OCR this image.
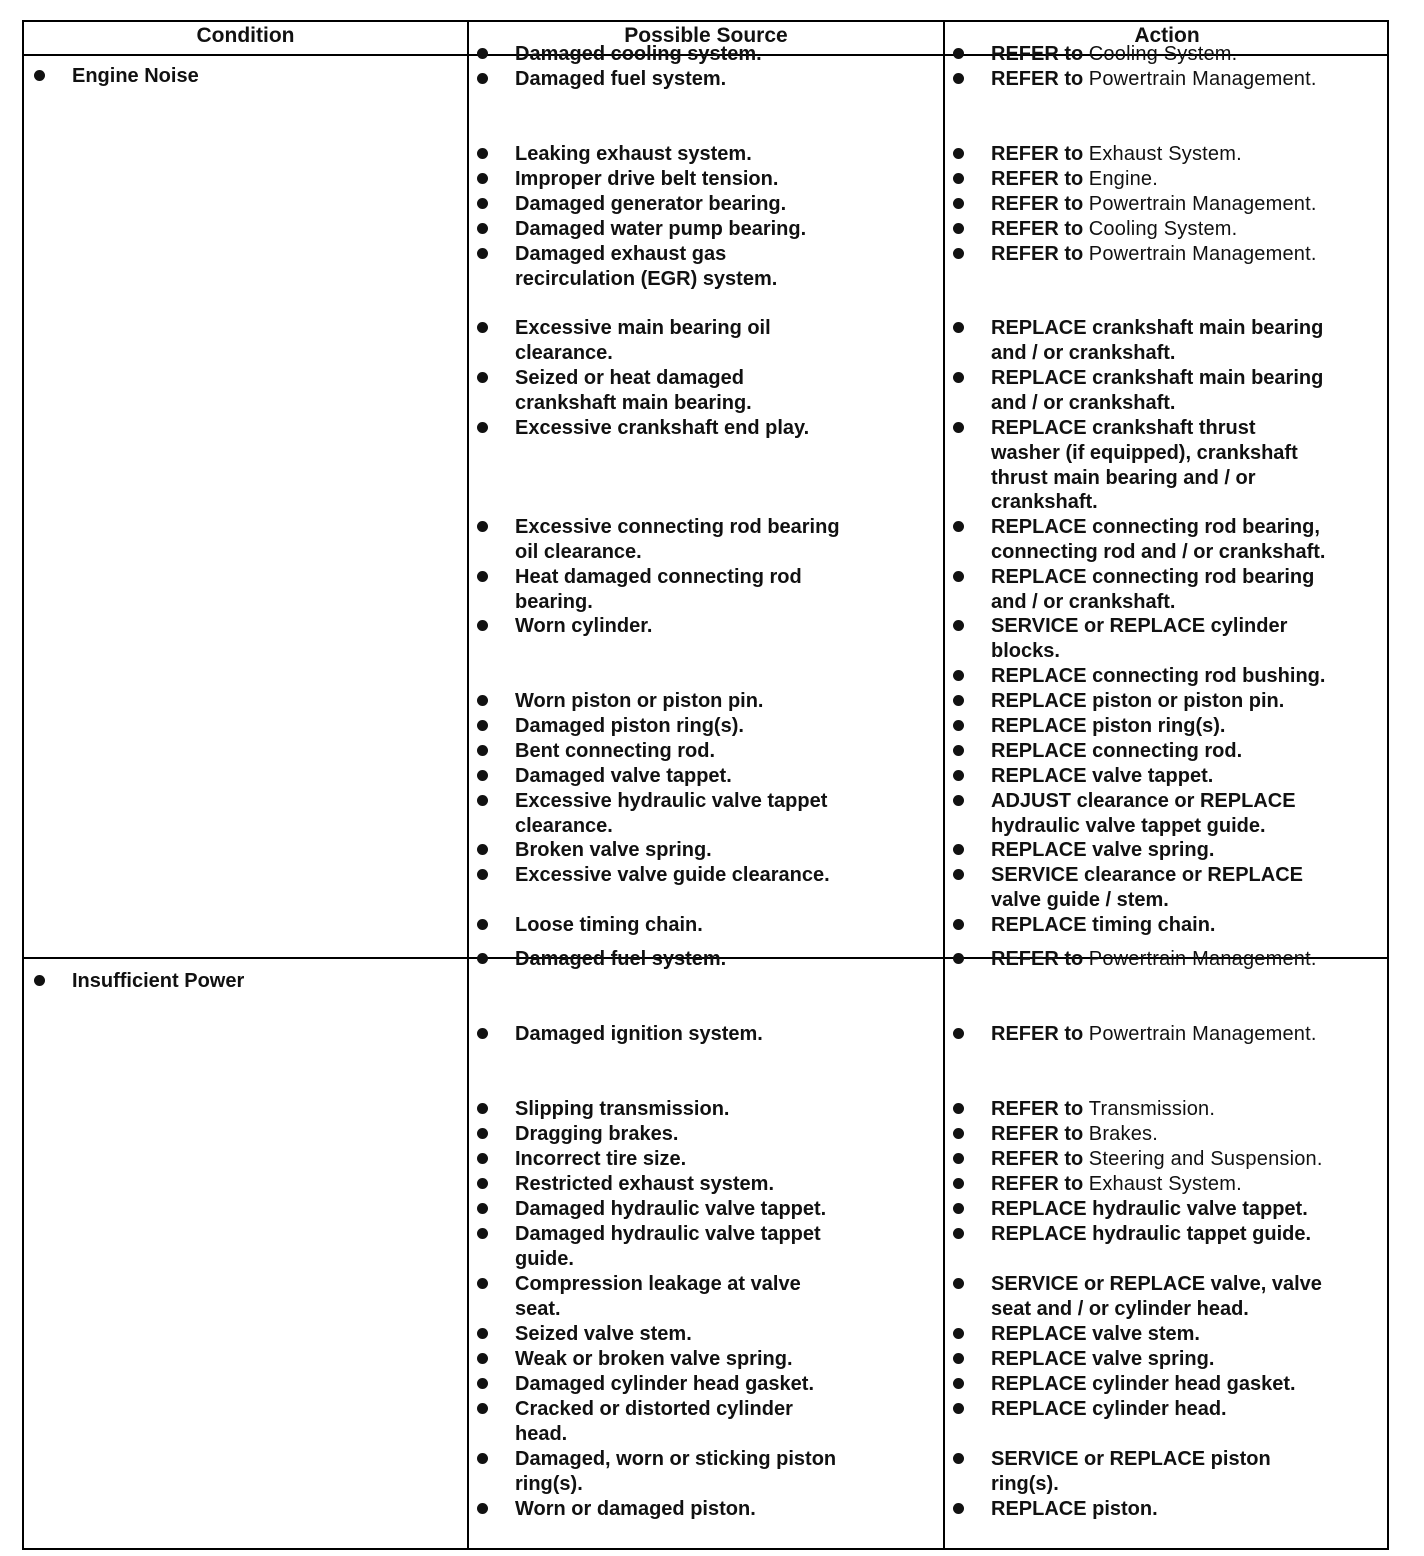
Condition	Possible Source	Action
Engine Noise
Insufficient Power
Damaged cooling system.
Damaged fuel system.
Leaking exhaust system.
Improper drive belt tension.
Damaged generator bearing.
Damaged water pump bearing.
Damaged exhaust gas
recirculation (EGR) system.
Excessive main bearing oil
clearance.
Seized or heat damaged
crankshaft main bearing.
Excessive crankshaft end play.
Excessive connecting rod bearing
oil clearance.
Heat damaged connecting rod
bearing.
Worn cylinder.
Worn piston or piston pin.
Damaged piston ring(s).
Bent connecting rod.
Damaged valve tappet.
Excessive hydraulic valve tappet
clearance.
Broken valve spring.
Excessive valve guide clearance.
Loose timing chain.
REFER to Cooling System.
REFER to Powertrain Management.
REFER to Exhaust System.
REFER to Engine.
REFER to Powertrain Management.
REFER to Cooling System.
REFER to Powertrain Management.
REPLACE crankshaft main bearing
and / or crankshaft.
REPLACE crankshaft main bearing
and / or crankshaft.
REPLACE crankshaft thrust
washer (if equipped), crankshaft
thrust main bearing and / or
crankshaft.
REPLACE connecting rod bearing,
connecting rod and / or crankshaft.
REPLACE connecting rod bearing
and / or crankshaft.
SERVICE or REPLACE cylinder
blocks.
REPLACE connecting rod bushing.
REPLACE piston or piston pin.
REPLACE piston ring(s).
REPLACE connecting rod.
REPLACE valve tappet.
ADJUST clearance or REPLACE
hydraulic valve tappet guide.
REPLACE valve spring.
SERVICE clearance or REPLACE
valve guide / stem.
REPLACE timing chain.
Damaged fuel system.
Damaged ignition system.
Slipping transmission.
Dragging brakes.
Incorrect tire size.
Restricted exhaust system.
Damaged hydraulic valve tappet.
Damaged hydraulic valve tappet
guide.
Compression leakage at valve
seat.
Seized valve stem.
Weak or broken valve spring.
Damaged cylinder head gasket.
Cracked or distorted cylinder
head.
Damaged, worn or sticking piston
ring(s).
Worn or damaged piston.
REFER to Powertrain Management.
REFER to Powertrain Management.
REFER to Transmission.
REFER to Brakes.
REFER to Steering and Suspension.
REFER to Exhaust System.
REPLACE hydraulic valve tappet.
REPLACE hydraulic tappet guide.
SERVICE or REPLACE valve, valve
seat and / or cylinder head.
REPLACE valve stem.
REPLACE valve spring.
REPLACE cylinder head gasket.
REPLACE cylinder head.
SERVICE or REPLACE piston
ring(s).
REPLACE piston.
